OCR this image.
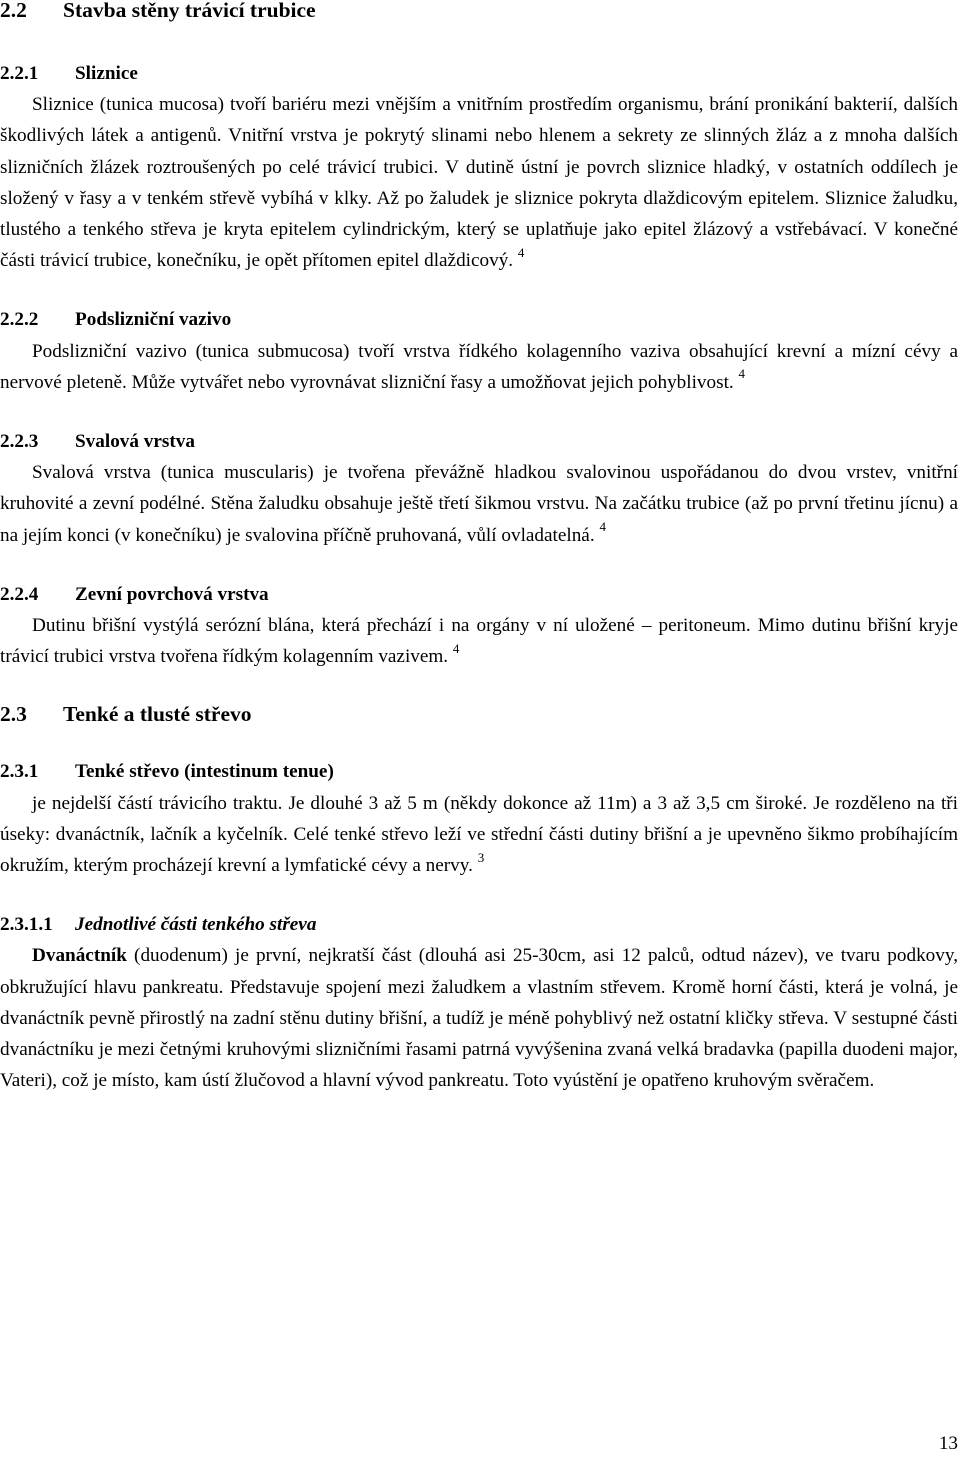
2.2 Stavba stěny trávicí trubice
2.2.1 Sliznice

Sliznice (tunica mucosa) tvoří bariéru mezi vnějším a vnitřním prostředím organismu, brání pronikání bakterií, dalších škodlivých látek a antigenů. Vnitřní vrstva je pokrytý slinami nebo hlenem a sekrety ze slinných žláz a z mnoha dalších slizničních žlázek roztroušených po celé trávicí trubici. V dutině ústní je povrch sliznice hladký, v ostatních oddílech je složený v řasy a v tenkém střevě vybíhá v klky. Až po žaludek je sliznice pokryta dlaždicovým epitelem. Sliznice žaludku, tlustého a tenkého střeva je kryta epitelem cylindrickým, který se uplatňuje jako epitel žlázový a vstřebávací. V konečné části trávicí trubice, konečníku, je opět přítomen epitel dlaždicový. $^4$

2.2.2 Podslizniční vazivo

Podslizniční vazivo (tunica submucosa) tvoří vrstva řídkého kolagenního vaziva obsahující krevní a mízní cévy a nervové pleteně. Může vytvářet nebo vyrovnávat slizniční řasy a umožňovat jejich pohyblivost. $^4$

2.2.3 Svalová vrstva

Svalová vrstva (tunica muscularis) je tvořena převážně hladkou svalovinou uspořádanou do dvou vrstev, vnitřní kruhovité a zevní podélné. Stěna žaludku obsahuje ještě třetí šikmou vrstvu. Na začátku trubice (až po první třetinu jícnu) a na jejím konci (v konečníku) je svalovina příčně pruhovaná, vůlí ovladatelná. $^4$

2.2.4 Zevní povrchová vrstva

Dutinu břišní vystýlá serózní blána, která přechází i na orgány v ní uložené – peritoneum. Mimo dutinu břišní kryje trávicí trubici vrstva tvořena řídkým kolagenním vazivem. $^4$

2.3 Tenké a tlusté střevo
2.3.1 Tenké střevo (intestinum tenue)

je nejdelší částí trávicího traktu. Je dlouhé 3 až 5 m (někdy dokonce až 11m) a 3 až 3,5 cm široké. Je rozděleno na tři úseky: dvanáctník, lačník a kyčelník. Celé tenké střevo leží ve střední části dutiny břišní a je upevněno šikmo probíhajícím okružím, kterým procházejí krevní a lymfatické cévy a nervy. $^3$

2.3.1.1 Jednotlivé části tenkého střeva

Dvanáctník (duodenum) je první, nejkratší část (dlouhá asi 25-30cm, asi 12 palců, odtud název), ve tvaru podkovy, obkružující hlavu pankreatu. Představuje spojení mezi žaludkem a vlastním střevem. Kromě horní části, která je volná, je dvanáctník pevně přirostlý na zadní stěnu dutiny břišní, a tudíž je méně pohyblivý než ostatní kličky střeva. V sestupné části dvanáctníku je mezi četnými kruhovými slizničními řasami patrná vyvýšenina zvaná velká bradavka (papilla duodeni major, Vateri), což je místo, kam ústí žlučovod a hlavní vývod pankreatu. Toto vyústění je opatřeno kruhovým svěračem.

13
